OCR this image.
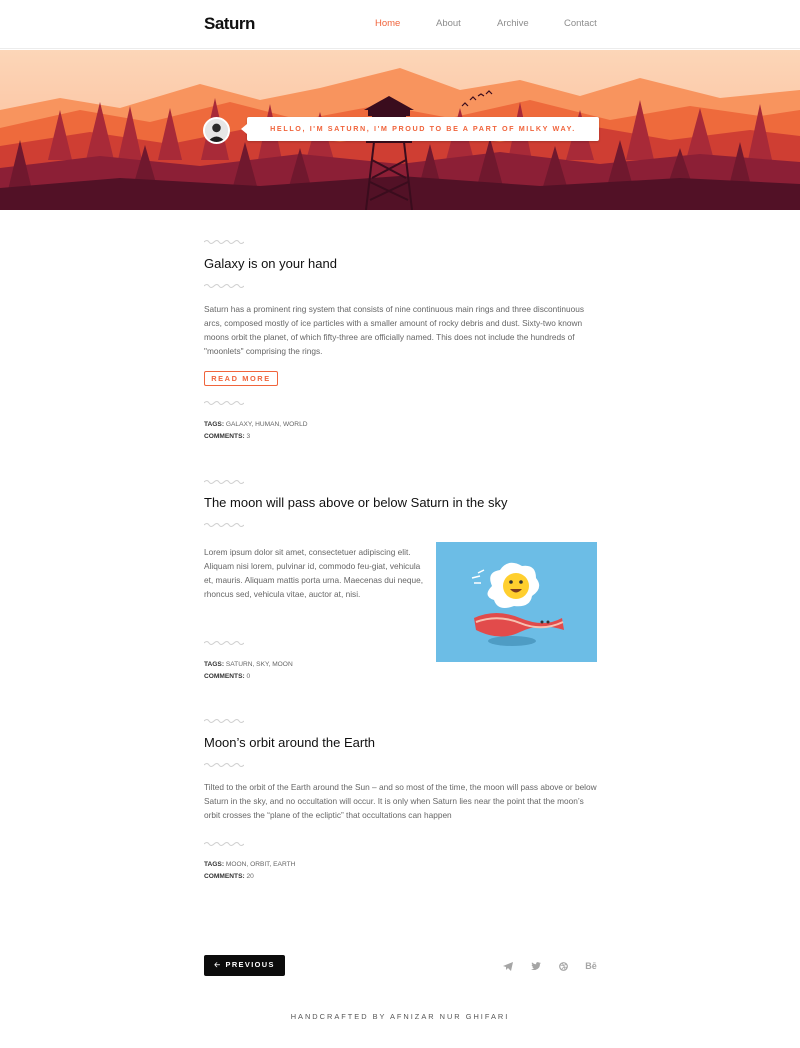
Saturn	Home	About	Archive	Contact
HELLO, I'M SATURN, I'M PROUD TO BE A PART OF MILKY WAY.
Galaxy is on your hand
Saturn has a prominent ring system that consists of nine continuous main rings and three discontinuous arcs, composed mostly of ice particles with a smaller amount of rocky debris and dust. Sixty-two known moons orbit the planet, of which fifty-three are officially named. This does not include the hundreds of "moonlets" comprising the rings.
READ MORE
TAGS: GALAXY, HUMAN, WORLD
COMMENTS: 3
The moon will pass above or below Saturn in the sky
Lorem ipsum dolor sit amet, consectetuer adipiscing elit. Aliquam nisi lorem, pulvinar id, commodo feu-giat, vehicula et, mauris. Aliquam mattis porta urna. Maecenas dui neque, rhoncus sed, vehicula vitae, auctor at, nisi.
TAGS: SATURN, SKY, MOON
COMMENTS: 0
Moon’s orbit around the Earth
Tilted to the orbit of the Earth around the Sun – and so most of the time, the moon will pass above or below Saturn in the sky, and no occultation will occur. It is only when Saturn lies near the point that the moon’s orbit crosses the “plane of the ecliptic” that occultations can happen
TAGS: MOON, ORBIT, EARTH
COMMENTS: 20
🡠 PREVIOUS	Bē
HANDCRAFTED BY AFNIZAR NUR GHIFARI
